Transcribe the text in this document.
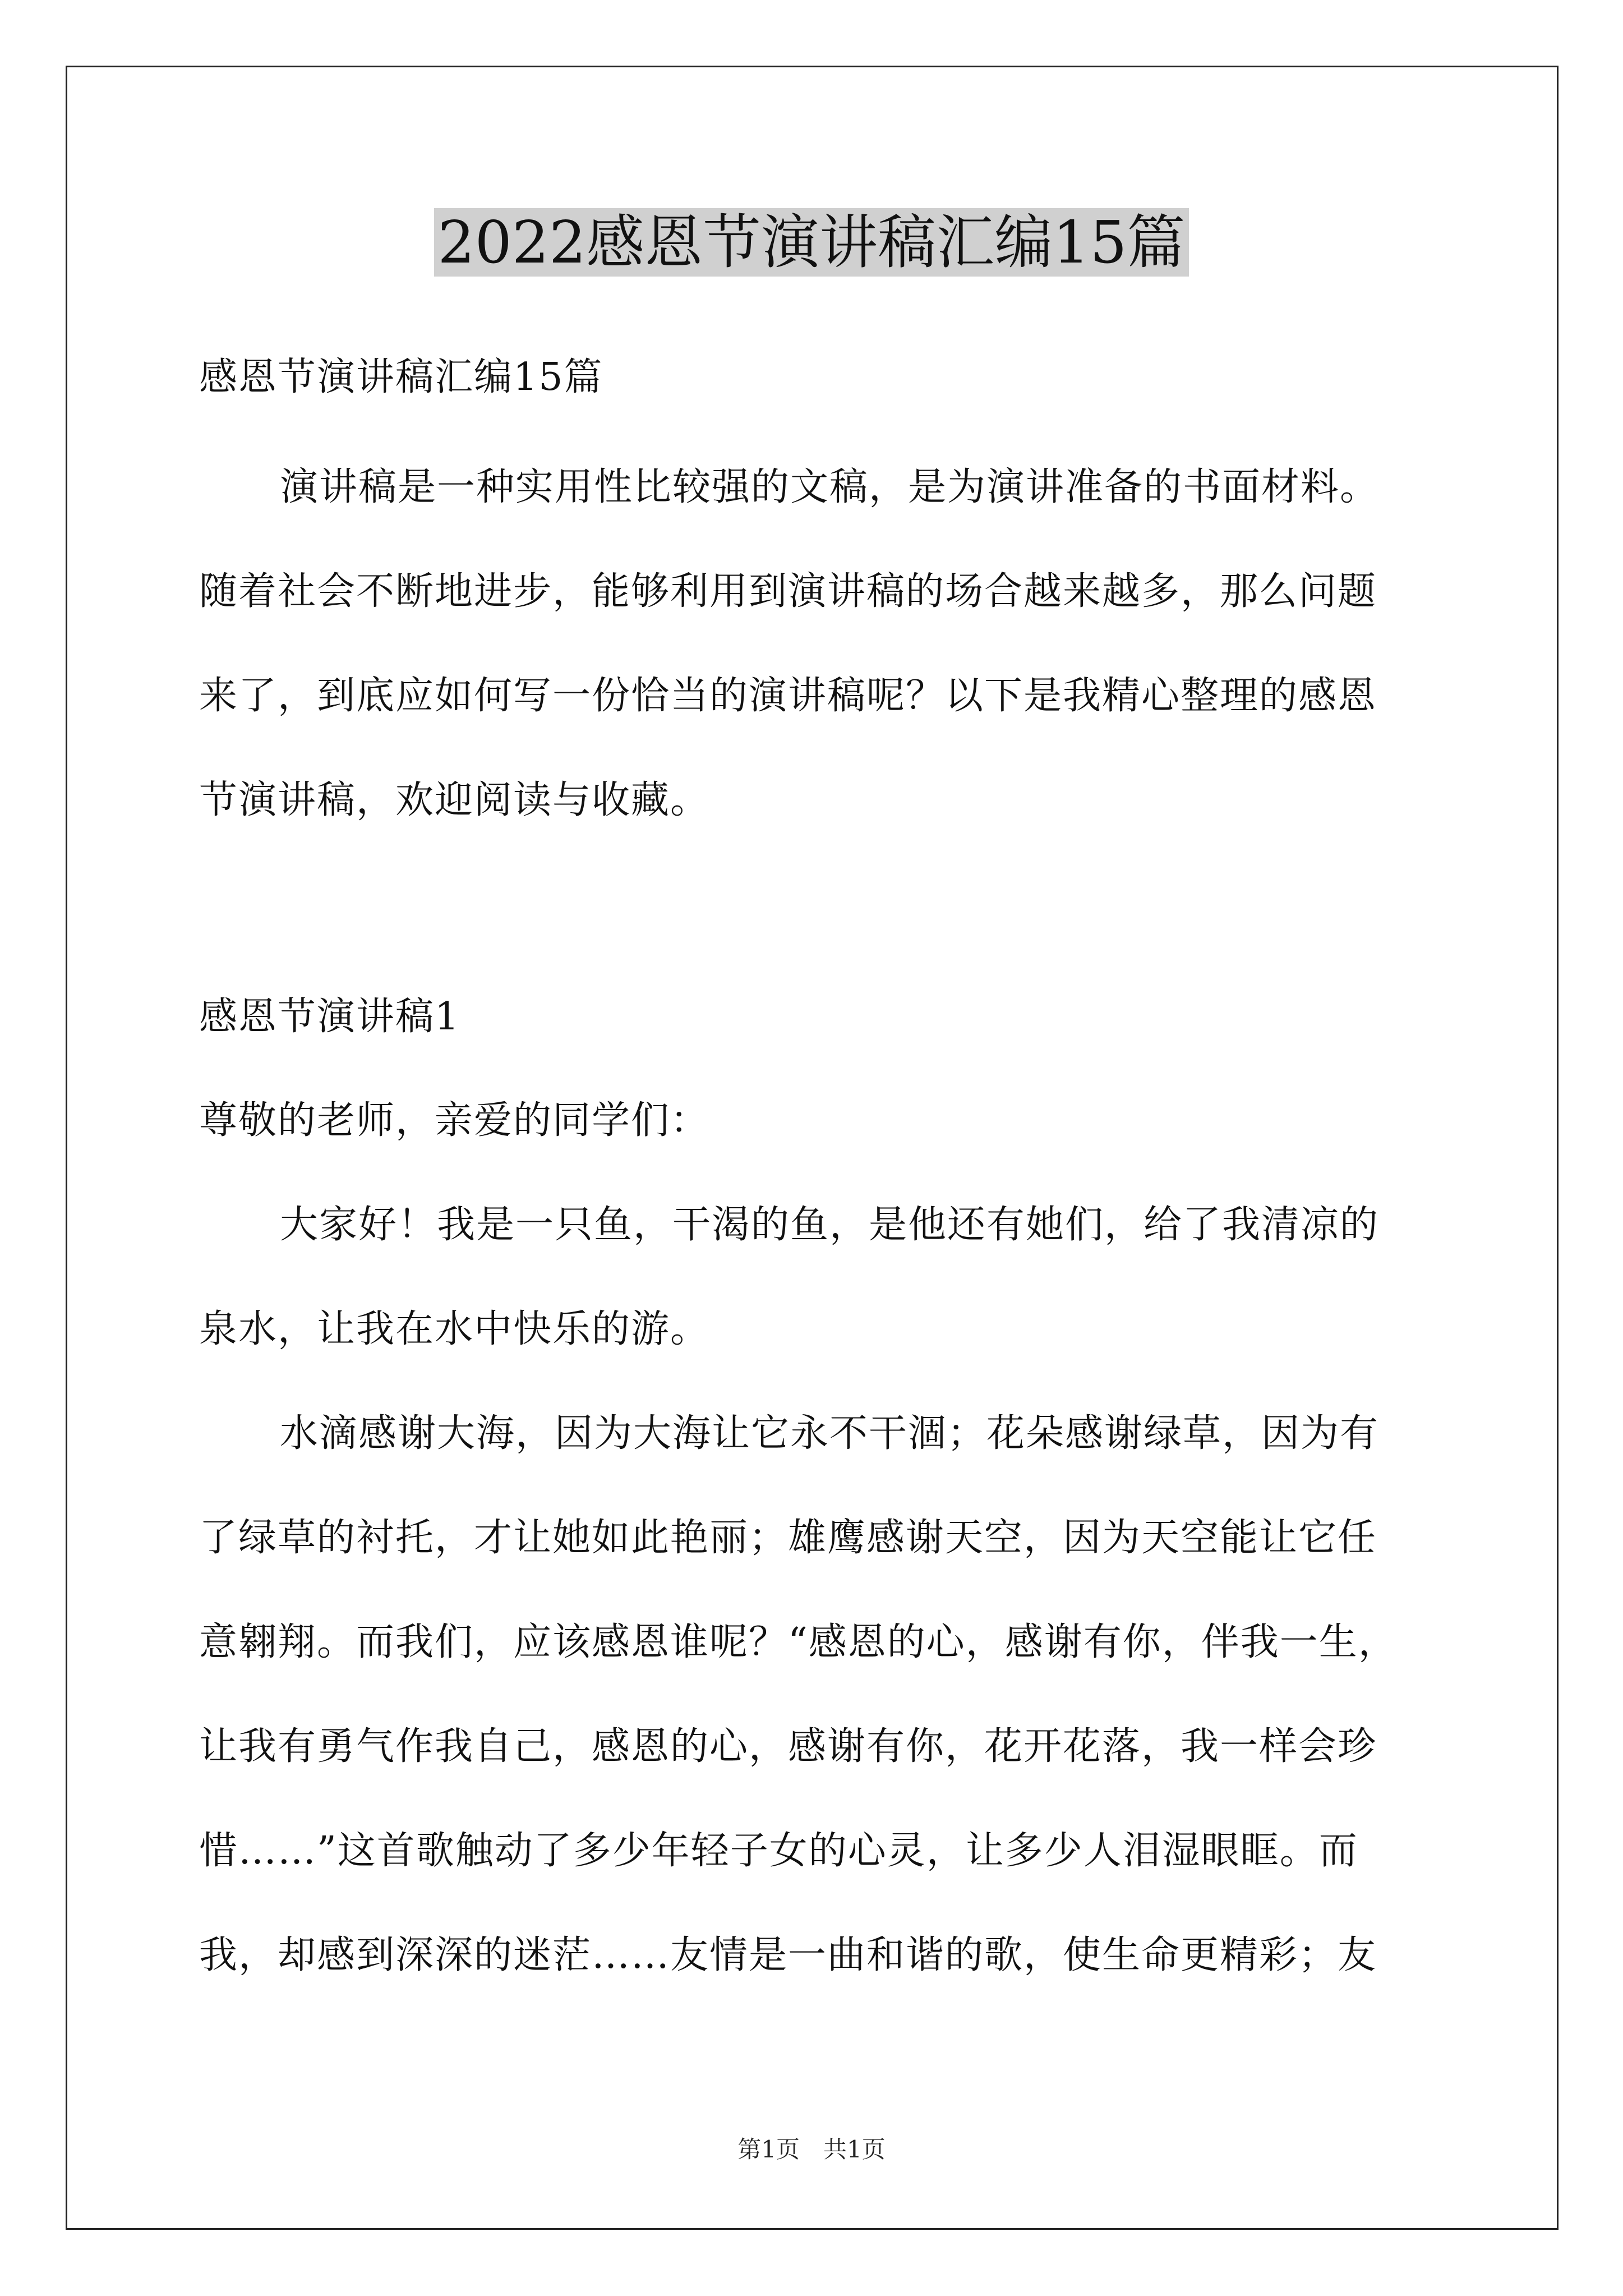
2022感恩节演讲稿汇编15篇
感恩节演讲稿汇编15篇
演讲稿是一种实用性比较强的文稿，是为演讲准备的书面材料。
随着社会不断地进步，能够利用到演讲稿的场合越来越多，那么问题
来了，到底应如何写一份恰当的演讲稿呢？以下是我精心整理的感恩
节演讲稿，欢迎阅读与收藏。
感恩节演讲稿1
尊敬的老师，亲爱的同学们：
大家好！我是一只鱼，干渴的鱼，是他还有她们，给了我清凉的
泉水，让我在水中快乐的游。
水滴感谢大海，因为大海让它永不干涸；花朵感谢绿草，因为有
了绿草的衬托，才让她如此艳丽；雄鹰感谢天空，因为天空能让它任
意翱翔。而我们，应该感恩谁呢？“感恩的心，感谢有你，伴我一生，
让我有勇气作我自己，感恩的心，感谢有你，花开花落，我一样会珍
惜……”这首歌触动了多少年轻子女的心灵，让多少人泪湿眼眶。而
我，却感到深深的迷茫……友情是一曲和谐的歌，使生命更精彩；友
第1页　共1页
